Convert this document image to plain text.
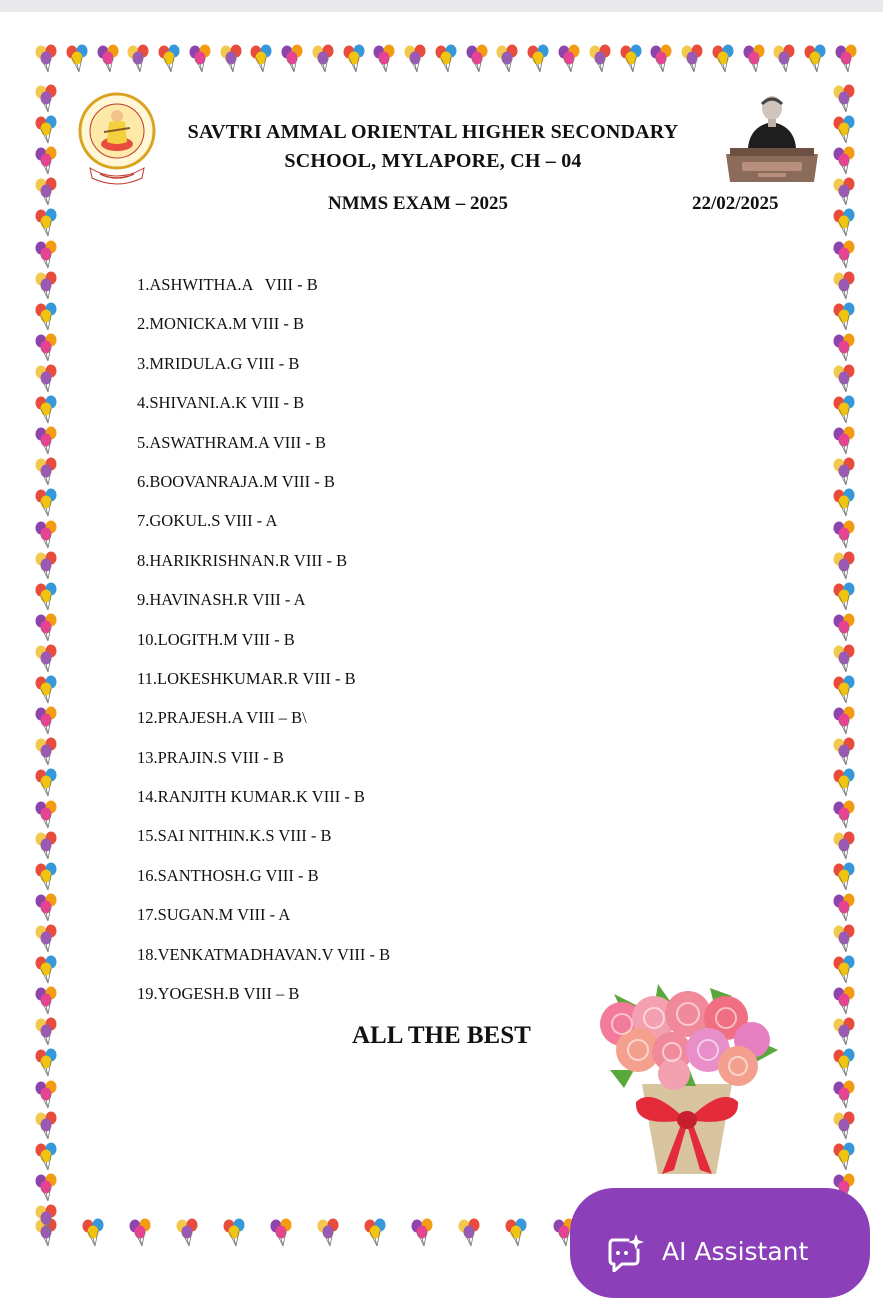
SAVTRI AMMAL ORIENTAL HIGHER SECONDARY
SCHOOL, MYLAPORE, CH – 04
NMMS EXAM – 2025	22/02/2025
1.ASHWITHA.A   VIII - B
2.MONICKA.M VIII - B
3.MRIDULA.G VIII - B
4.SHIVANI.A.K VIII - B
5.ASWATHRAM.A VIII - B
6.BOOVANRAJA.M VIII - B
7.GOKUL.S VIII - A
8.HARIKRISHNAN.R VIII - B
9.HAVINASH.R VIII - A
10.LOGITH.M VIII - B
11.LOKESHKUMAR.R VIII - B
12.PRAJESH.A VIII – B\
13.PRAJIN.S VIII - B
14.RANJITH KUMAR.K VIII - B
15.SAI NITHIN.K.S VIII - B
16.SANTHOSH.G VIII - B
17.SUGAN.M VIII - A
18.VENKATMADHAVAN.V VIII - B
19.YOGESH.B VIII – B
ALL THE BEST
AI Assistant
